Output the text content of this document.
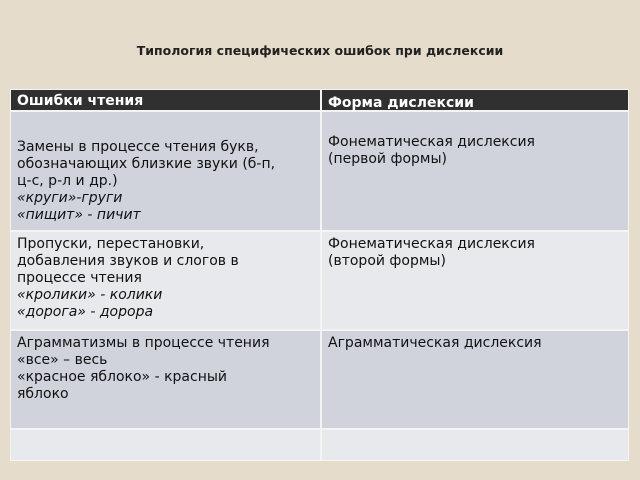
Типология специфических ошибок при дислексии
Ошибки чтения	Форма дислексии
Замены в процессе чтения букв,
обозначающих близкие звуки (б-п,
ц-с, р-л и др.)
«круги»-груги
«пищит» - пичит
Фонематическая дислексия
(первой формы)
Пропуски, перестановки,
добавления звуков и слогов в
процессе чтения
«кролики» - колики
«дорога» - дорора
Фонематическая дислексия
(второй формы)
Аграмматизмы в процессе чтения
«все» – весь
«красное яблоко» - красный
яблоко
Аграмматическая дислексия
